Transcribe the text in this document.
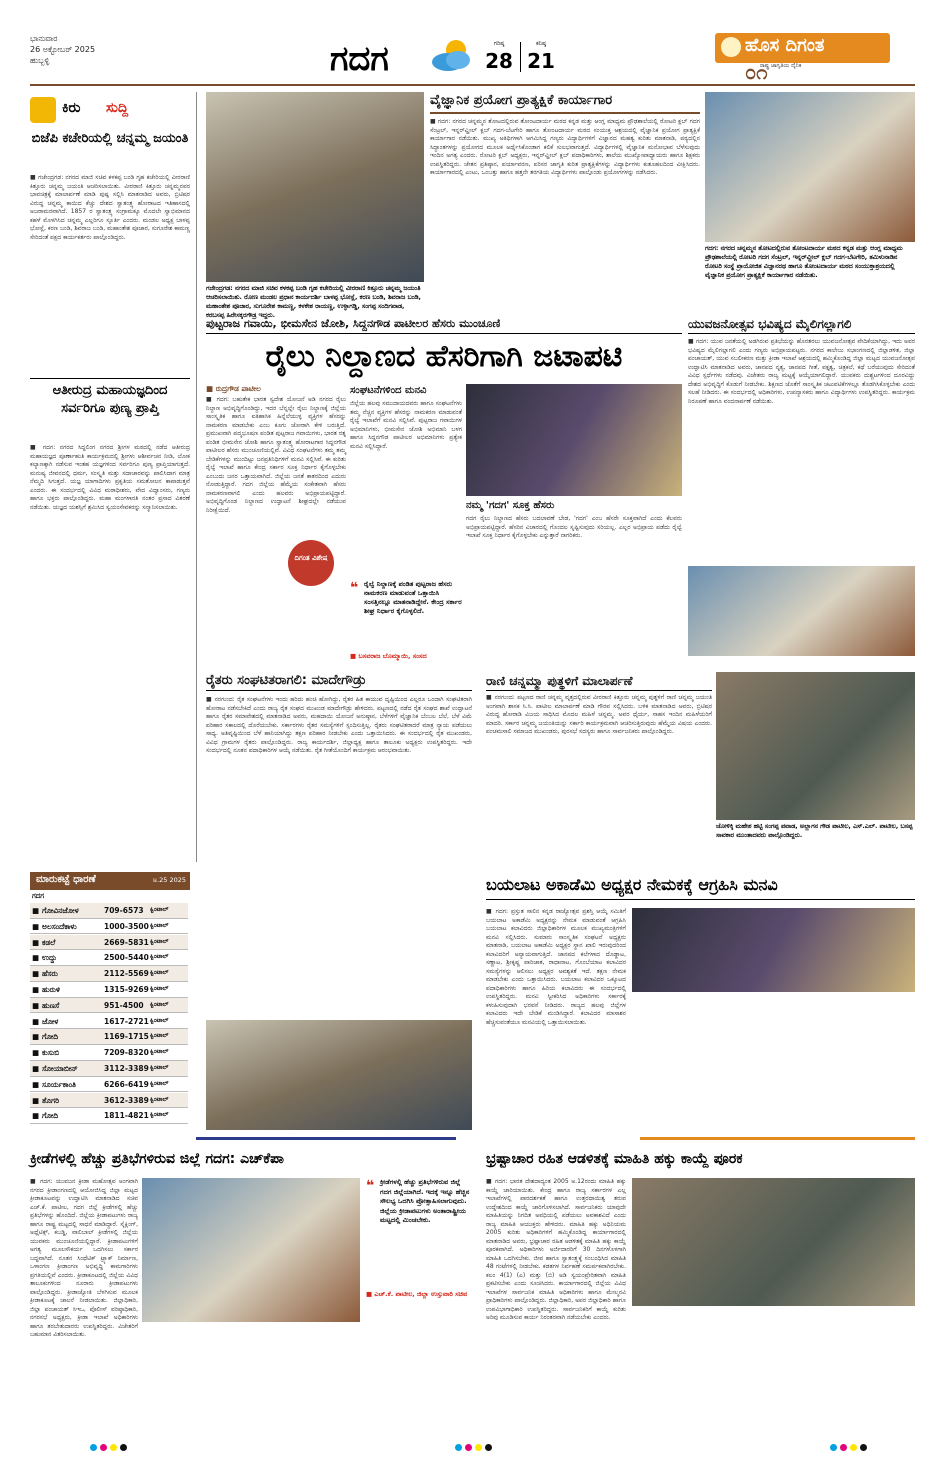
ಭಾನುವಾರ
26 ಅಕ್ಟೋಬರ್ 2025
ಹುಬ್ಬಳ್ಳಿ	ಗದಗ	ಗರಿಷ್ಠ
28
ಕನಿಷ್ಠ
21
ಹೊಸ ದಿಗಂತ
ರಾಷ್ಟ್ರ ಜಾಗೃತಿಯ ದೈನಿಕ
೦೧
ಕಿರು ಸುದ್ದಿ
ಬಿಜೆಪಿ ಕಚೇರಿಯಲ್ಲಿ ಚನ್ನಮ್ಮ ಜಯಂತಿ
■ ಗಜೇಂದ್ರಗಡ: ನಗರದ ಮಾಜಿ ಸಚಿವ ಕಳಕಪ್ಪ ಬಂಡಿ ಗೃಹ ಕಚೇರಿಯಲ್ಲಿ ವೀರರಾಣಿ ಕಿತ್ತೂರು ಚನ್ನಮ್ಮ ಜಯಂತಿ ಆಚರಿಸಲಾಯಿತು. ವೀರರಾಣಿ ಕಿತ್ತೂರು ಚನ್ನಮ್ಮನವರ ಭಾವಚಿತ್ರಕ್ಕೆ ಮಾಲಾರ್ಪಣೆ ಮಾಡಿ ಪುಷ್ಪ ಸಲ್ಲಿಸಿ ಮಾತನಾಡಿದ ಅವರು, ಬ್ರಿಟಿಷರ ವಿರುದ್ಧ ಚನ್ನಮ್ಮ ಕಾಯಿದ ಕೆಚ್ಚು ದೇಶದ ಸ್ವಾತಂತ್ರ್ಯ ಹೋರಾಟದ ಇತಿಹಾಸದಲ್ಲಿ ಅಜರಾಮರವಾಗಿದೆ. 1857 ರ ಸ್ವಾತಂತ್ರ್ಯ ಸಂಗ್ರಾಮಕ್ಕೂ ಮೊದಲೇ ಸ್ವಾಭಿಮಾನದ ಕಹಳೆ ಮೊಳಗಿಸಿದ ಚನ್ನಮ್ಮ ಎಲ್ಲರಿಗೂ ಸ್ಫೂರ್ತಿ ಎಂದರು. ಮಂಡಲ ಅಧ್ಯಕ್ಷ ಬಾಳಪ್ಪ ಭೋಸ್ಲೆ, ಕರಣ ಬಂಡಿ, ಶಿವರಾಜ ಬಂಡಿ, ಮಹಾಂತೇಶ ಪೂಜಾರ, ಸುಗೂರೇಶ ಕಾಮಣ್ಣ ಸೇರಿದಂತೆ ಪಕ್ಷದ ಕಾರ್ಯಕರ್ತರು ಪಾಲ್ಗೊಂಡಿದ್ದರು.
ಆತೀರುದ್ರ ಮಹಾಯಜ್ಞದಿಂದ ಸರ್ವರಿಗೂ ಪುಣ್ಯ ಪ್ರಾಪ್ತಿ
■ ಗದಗ: ನಗರದ ಸಿದ್ಧಲಿಂಗ ನಗರದ ಶ್ರೀಗಳ ಮಠದಲ್ಲಿ ನಡೆದ ಆತೀರುದ್ರ ಮಹಾಯಜ್ಞದ ಪೂರ್ಣಾಹುತಿ ಕಾರ್ಯಕ್ರಮದಲ್ಲಿ ಶ್ರೀಗಳು ಆಶೀರ್ವಚನ ನೀಡಿ, ಲೋಕ ಕಲ್ಯಾಣಕ್ಕಾಗಿ ನಡೆಸುವ ಇಂತಹ ಯಜ್ಞಗಳಿಂದ ಸರ್ವರಿಗೂ ಪುಣ್ಯ ಪ್ರಾಪ್ತಿಯಾಗುತ್ತದೆ. ಮನುಷ್ಯ ಜೀವನದಲ್ಲಿ ಧರ್ಮ, ಸಂಸ್ಕೃತಿ ಮತ್ತು ಸದಾಚಾರವನ್ನು ಪಾಲಿಸಿದಾಗ ಮಾತ್ರ ನೆಮ್ಮದಿ ಸಿಗುತ್ತದೆ. ಯಜ್ಞ ಯಾಗಾದಿಗಳು ಪ್ರಕೃತಿಯ ಸಮತೋಲನ ಕಾಪಾಡುತ್ತವೆ ಎಂದರು. ಈ ಸಂದರ್ಭದಲ್ಲಿ ವಿವಿಧ ಮಠಾಧೀಶರು, ವೇದ ವಿದ್ವಾಂಸರು, ಗಣ್ಯರು ಹಾಗೂ ಭಕ್ತರು ಪಾಲ್ಗೊಂಡಿದ್ದರು. ಮಹಾ ಮಂಗಳಾರತಿ ನಂತರ ಪ್ರಸಾದ ವಿತರಣೆ ನಡೆಯಿತು. ಯಜ್ಞದ ಯಶಸ್ಸಿಗೆ ಶ್ರಮಿಸಿದ ಸ್ವಯಂಸೇವಕರನ್ನು ಸನ್ಮಾನಿಸಲಾಯಿತು.
ಗಜೇಂದ್ರಗಡ: ನಗರದ ಮಾಜಿ ಸಚಿವ ಕಳಕಪ್ಪ ಬಂಡಿ ಗೃಹ ಕಚೇರಿಯಲ್ಲಿ ವೀರರಾಣಿ ಕಿತ್ತೂರು ಚನ್ನಮ್ಮ ಜಯಂತಿ ಆಚರಿಸಲಾಯಿತು. ರೋಣ ಮಂಡಲ ಪ್ರಧಾನ ಕಾರ್ಯದರ್ಶಿ ಬಾಳಪ್ಪ ಭೋಸ್ಲೆ, ಕರಣ ಬಂಡಿ, ಶಿವರಾಜ ಬಂಡಿ, ಮಹಾಂತೇಶ ಪೂಜಾರ, ಸುಗೂರೇಶ ಕಾಮಣ್ಣ, ಕಳಕೇಶ ರಾಯಣ್ಣ, ಉಳ್ಳಾಗಡ್ಡಿ, ಸಂಗಪ್ಪ ಸಂದಿಗವಾಡ, ಕರಬಸಪ್ಪ ಹಿರೇಸಕ್ಕರಗೌಡ್ರ ಇದ್ದರು.
ವೈಜ್ಞಾನಿಕ ಪ್ರಯೋಗ ಪ್ರಾತ್ಯಕ್ಷಿಕೆ ಕಾರ್ಯಾಗಾರ
■ ಗದಗ: ನಗರದ ಚನ್ನಮ್ಮನ ತೋಟದಲ್ಲಿರುವ ತೋಂಟದಾರ್ಯ ಮಠದ ಕನ್ನಡ ಮತ್ತು ಆಂಗ್ಲ ಮಾಧ್ಯಮ ಪ್ರೌಢಶಾಲೆಯಲ್ಲಿ ರೋಟರಿ ಕ್ಲಬ್ ಗದಗ ಸೆಂಟ್ರಲ್, ಇನ್ನರ್‌ವ್ಹೀಲ್ ಕ್ಲಬ್ ಗದಗ-ಬೆಟಗೇರಿ ಹಾಗೂ ತೋಂಟದಾರ್ಯ ಮಠದ ಸಂಯುಕ್ತ ಆಶ್ರಯದಲ್ಲಿ ವೈಜ್ಞಾನಿಕ ಪ್ರಯೋಗ ಪ್ರಾತ್ಯಕ್ಷಿಕೆ ಕಾರ್ಯಾಗಾರ ನಡೆಯಿತು. ಮುಖ್ಯ ಅತಿಥಿಗಳಾಗಿ ಆಗಮಿಸಿದ್ದ ಗಣ್ಯರು ವಿದ್ಯಾರ್ಥಿಗಳಿಗೆ ವಿಜ್ಞಾನದ ಮಹತ್ವ ಕುರಿತು ಮಾತನಾಡಿ, ಪಠ್ಯದಲ್ಲಿನ ಸಿದ್ಧಾಂತಗಳನ್ನು ಪ್ರಯೋಗದ ಮೂಲಕ ಅರ್ಥೈಸಿಕೊಂಡಾಗ ಕಲಿಕೆ ಸುಲಭವಾಗುತ್ತದೆ. ವಿದ್ಯಾರ್ಥಿಗಳಲ್ಲಿ ವೈಜ್ಞಾನಿಕ ಮನೋಭಾವ ಬೆಳೆಸುವುದು ಇಂದಿನ ಅಗತ್ಯ ಎಂದರು. ರೋಟರಿ ಕ್ಲಬ್ ಅಧ್ಯಕ್ಷರು, ಇನ್ನರ್‌ವ್ಹೀಲ್ ಕ್ಲಬ್ ಪದಾಧಿಕಾರಿಗಳು, ಶಾಲೆಯ ಮುಖ್ಯೋಪಾಧ್ಯಾಯರು ಹಾಗೂ ಶಿಕ್ಷಕರು ಉಪಸ್ಥಿತರಿದ್ದರು. ಚೇತನ ಪ್ರತಿಷ್ಠಾನ, ಪರ್ಯಾವರಣ, ಪರಿಸರ ಜಾಗೃತಿ ಕುರಿತ ಪ್ರಾತ್ಯಕ್ಷಿಕೆಗಳನ್ನು ವಿದ್ಯಾರ್ಥಿಗಳು ಕುತೂಹಲದಿಂದ ವೀಕ್ಷಿಸಿದರು. ಕಾರ್ಯಾಗಾರದಲ್ಲಿ ಎಂಟು, ಒಂಬತ್ತು ಹಾಗೂ ಹತ್ತನೇ ತರಗತಿಯ ವಿದ್ಯಾರ್ಥಿಗಳು ಪಾಲ್ಗೊಂಡು ಪ್ರಯೋಗಗಳನ್ನು ನಡೆಸಿದರು.
ಗದಗ: ನಗರದ ಚನ್ನಮ್ಮನ ತೋಟದಲ್ಲಿರುವ ತೋಂಟದಾರ್ಯ ಮಠದ ಕನ್ನಡ ಮತ್ತು ಆಂಗ್ಲ ಮಾಧ್ಯಮ ಪ್ರೌಢಶಾಲೆಯಲ್ಲಿ ರೋಟರಿ ಗದಗ ಸೆಂಟ್ರಲ್, ಇನ್ನರ್‌ವ್ಹೀಲ್ ಕ್ಲಬ್ ಗದಗ-ಬೆಟಗೇರಿ, ತಮಿಳುನಾಡಿನ ರೋಟರಿ ಸಂಸ್ಥೆ ಪ್ರಾಯೋಜಿತ ವಿಜ್ಞಾನರಥ ಹಾಗೂ ತೋಂಟದಾರ್ಯ ಮಠದ ಸಂಯುಕ್ತಾಶ್ರಯದಲ್ಲಿ ವೈಜ್ಞಾನಿಕ ಪ್ರಯೋಗ ಪ್ರಾತ್ಯಕ್ಷಿಕೆ ಕಾರ್ಯಾಗಾರ ನಡೆಯಿತು.
ಪುಟ್ಟರಾಜ ಗವಾಯಿ, ಭೀಮಸೇನ ಜೋಶಿ, ಸಿದ್ದನಗೌಡ ಪಾಟೀಲರ ಹೆಸರು ಮುಂಚೂಣಿ
ರೈಲು ನಿಲ್ದಾಣದ ಹೆಸರಿಗಾಗಿ ಜಟಾಪಟಿ
■ ರುದ್ರಗೌಡ ಪಾಟೀಲ
■ ಗದಗ: ಬಹುತೇಕ ಭಾರತ ಸ್ವದೇಶ ಯೋಜನೆ ಅಡಿ ನಗರದ ರೈಲು ನಿಲ್ದಾಣ ಅಭಿವೃದ್ಧಿಗೊಂಡಿದ್ದು, ಇದರ ಬೆನ್ನಲ್ಲೇ ರೈಲು ನಿಲ್ದಾಣಕ್ಕೆ ಜಿಲ್ಲೆಯ ಸಾಂಸ್ಕೃತಿಕ ಹಾಗೂ ಐತಿಹಾಸಿಕ ಹಿನ್ನೆಲೆಯುಳ್ಳ ವ್ಯಕ್ತಿಗಳ ಹೆಸರನ್ನು ನಾಮಕರಣ ಮಾಡಬೇಕು ಎಂಬ ಕೂಗು ಜೋರಾಗಿ ಕೇಳಿ ಬರುತ್ತಿದೆ. ಪ್ರಮುಖವಾಗಿ ಪದ್ಮಭೂಷಣ ಪಂಡಿತ ಪುಟ್ಟರಾಜ ಗವಾಯಿಗಳು, ಭಾರತ ರತ್ನ ಪಂಡಿತ ಭೀಮಸೇನ ಜೋಶಿ ಹಾಗೂ ಸ್ವಾತಂತ್ರ್ಯ ಹೋರಾಟಗಾರ ಸಿದ್ದನಗೌಡ ಪಾಟೀಲರ ಹೆಸರು ಮುಂಚೂಣಿಯಲ್ಲಿವೆ. ವಿವಿಧ ಸಂಘಟನೆಗಳು ತಮ್ಮ ತಮ್ಮ ಬೇಡಿಕೆಗಳನ್ನು ಮುಂದಿಟ್ಟು ಜನಪ್ರತಿನಿಧಿಗಳಿಗೆ ಮನವಿ ಸಲ್ಲಿಸಿವೆ. ಈ ಕುರಿತು ರೈಲ್ವೆ ಇಲಾಖೆ ಹಾಗೂ ಕೇಂದ್ರ ಸರ್ಕಾರ ಸೂಕ್ತ ನಿರ್ಧಾರ ಕೈಗೊಳ್ಳಬೇಕು ಎಂಬುದು ಜನರ ಒತ್ತಾಯವಾಗಿದೆ. ಜಿಲ್ಲೆಯ ಜನತೆ ಕಾತರದಿಂದ ಎದುರು ನೋಡುತ್ತಿದ್ದಾರೆ. ಗದಗ ಜಿಲ್ಲೆಯ ಹೆಮ್ಮೆಯ ಸಂಕೇತವಾಗಿ ಹೆಸರು ನಾಮಕರಣವಾಗಲಿ ಎಂದು ಹಲವರು ಅಭಿಪ್ರಾಯಪಟ್ಟಿದ್ದಾರೆ. ಅಭಿವೃದ್ಧಿಗೊಂಡ ನಿಲ್ದಾಣದ ಉದ್ಘಾಟನೆ ಶೀಘ್ರದಲ್ಲೇ ನಡೆಯುವ ನಿರೀಕ್ಷೆಯಿದೆ.
ಸಂಘಟನೆಗಳಿಂದ ಮನವಿ
ಜಿಲ್ಲೆಯ ಹಲವು ಸಮುದಾಯದವರು ಹಾಗೂ ಸಂಘಟನೆಗಳು ತಮ್ಮ ನೆಚ್ಚಿನ ವ್ಯಕ್ತಿಗಳ ಹೆಸರನ್ನು ನಾಮಕರಣ ಮಾಡುವಂತೆ ರೈಲ್ವೆ ಇಲಾಖೆಗೆ ಮನವಿ ಸಲ್ಲಿಸಿವೆ. ಪುಟ್ಟರಾಜ ಗವಾಯಿಗಳ ಅಭಿಮಾನಿಗಳು, ಭೀಮಸೇನ ಜೋಶಿ ಅಭಿಮಾನಿ ಬಳಗ ಹಾಗೂ ಸಿದ್ದನಗೌಡ ಪಾಟೀಲರ ಅಭಿಮಾನಿಗಳು ಪ್ರತ್ಯೇಕ ಮನವಿ ಸಲ್ಲಿಸಿದ್ದಾರೆ.
ದಿಗಂತ ವಿಶೇಷ
❝ ರೈಲ್ವೆ ನಿಲ್ದಾಣಕ್ಕೆ ಪಂಡಿತ ಪುಟ್ಟರಾಜ ಹೆಸರು ನಾಮಕರಣ ಮಾಡುವಂತೆ ಒತ್ತಾಯಿಸಿ ಸಂಸತ್ತಿನಲ್ಲೂ ಮಾತನಾಡಿದ್ದೇನೆ. ಕೇಂದ್ರ ಸರ್ಕಾರ ಶೀಘ್ರ ನಿರ್ಧಾರ ಕೈಗೊಳ್ಳಲಿದೆ.
■ ಬಸವರಾಜ ಬೊಮ್ಮಾಯಿ, ಸಂಸದ
ನಮ್ಮ 'ಗದಗ' ಸೂಕ್ತ ಹೆಸರು
ಗದಗ ರೈಲು ನಿಲ್ದಾಣದ ಹೆಸರು ಬದಲಾವಣೆ ಬೇಡ, 'ಗದಗ' ಎಂಬ ಹೆಸರೇ ಸೂಕ್ತವಾಗಿದೆ ಎಂದು ಕೆಲವರು ಅಭಿಪ್ರಾಯಪಟ್ಟಿದ್ದಾರೆ. ಹೆಸರಿನ ವಿಚಾರದಲ್ಲಿ ಗೊಂದಲ ಸೃಷ್ಟಿಸುವುದು ಸರಿಯಲ್ಲ. ಎಲ್ಲರ ಅಭಿಪ್ರಾಯ ಪಡೆದು ರೈಲ್ವೆ ಇಲಾಖೆ ಸೂಕ್ತ ನಿರ್ಧಾರ ಕೈಗೊಳ್ಳಬೇಕು ಎನ್ನುತ್ತಾರೆ ನಾಗರಿಕರು.
ಯುವಜನೋತ್ಸವ ಭವಿಷ್ಯದ ಮೈಲಿಗಲ್ಲಾಗಲಿ
■ ಗದಗ: ಯುವ ಜನತೆಯಲ್ಲಿ ಅಡಗಿರುವ ಪ್ರತಿಭೆಯನ್ನು ಹೊರತರಲು ಯುವಜನೋತ್ಸವ ವೇದಿಕೆಯಾಗಿದ್ದು, ಇದು ಅವರ ಭವಿಷ್ಯದ ಮೈಲಿಗಲ್ಲಾಗಲಿ ಎಂದು ಗಣ್ಯರು ಅಭಿಪ್ರಾಯಪಟ್ಟರು. ನಗರದ ಕಾಲೇಜು ಸಭಾಂಗಣದಲ್ಲಿ ಜಿಲ್ಲಾಡಳಿತ, ಜಿಲ್ಲಾ ಪಂಚಾಯತ್, ಯುವ ಸಬಲೀಕರಣ ಮತ್ತು ಕ್ರೀಡಾ ಇಲಾಖೆ ಆಶ್ರಯದಲ್ಲಿ ಹಮ್ಮಿಕೊಂಡಿದ್ದ ಜಿಲ್ಲಾ ಮಟ್ಟದ ಯುವಜನೋತ್ಸವ ಉದ್ಘಾಟಿಸಿ ಮಾತನಾಡಿದ ಅವರು, ಜಾನಪದ ನೃತ್ಯ, ಜಾನಪದ ಗೀತೆ, ವಕ್ತೃತ್ವ, ಚಿತ್ರಕಲೆ, ಕಥೆ ಬರೆಯುವುದು ಸೇರಿದಂತೆ ವಿವಿಧ ಸ್ಪರ್ಧೆಗಳು ನಡೆದವು. ವಿಜೇತರು ರಾಜ್ಯ ಮಟ್ಟಕ್ಕೆ ಆಯ್ಕೆಯಾಗಲಿದ್ದಾರೆ. ಯುವಕರು ದುಶ್ಚಟಗಳಿಂದ ದೂರವಿದ್ದು ದೇಶದ ಅಭಿವೃದ್ಧಿಗೆ ಕೊಡುಗೆ ನೀಡಬೇಕು. ಶಿಕ್ಷಣದ ಜೊತೆಗೆ ಸಾಂಸ್ಕೃತಿಕ ಚಟುವಟಿಕೆಗಳಲ್ಲೂ ತೊಡಗಿಸಿಕೊಳ್ಳಬೇಕು ಎಂದು ಸಲಹೆ ನೀಡಿದರು. ಈ ಸಂದರ್ಭದಲ್ಲಿ ಅಧಿಕಾರಿಗಳು, ಉಪನ್ಯಾಸಕರು ಹಾಗೂ ವಿದ್ಯಾರ್ಥಿಗಳು ಉಪಸ್ಥಿತರಿದ್ದರು. ಕಾರ್ಯಕ್ರಮ ನಿರೂಪಣೆ ಹಾಗೂ ವಂದನಾರ್ಪಣೆ ನಡೆಯಿತು.
ರೈತರು ಸಂಘಟಿತರಾಗಲಿ: ಮಾದೇಗೌಡ್ರು
■ ನರಗುಂದ: ರೈತ ಸಂಘಟನೆಗಳು ಇಂದು ಹರಿದು ಹಂಚಿ ಹೋಗಿದ್ದು, ರೈತರ ಹಿತ ಕಾಯುವ ದೃಷ್ಟಿಯಿಂದ ಎಲ್ಲರೂ ಒಂದಾಗಿ ಸಂಘಟಿತರಾಗಿ ಹೋರಾಟ ನಡೆಸಬೇಕಿದೆ ಎಂದು ರಾಜ್ಯ ರೈತ ಸಂಘದ ಮುಖಂಡ ಮಾದೇಗೌಡ್ರು ಹೇಳಿದರು. ಪಟ್ಟಣದಲ್ಲಿ ನಡೆದ ರೈತ ಸಂಘದ ಶಾಖೆ ಉದ್ಘಾಟನೆ ಹಾಗೂ ರೈತರ ಸಮಾವೇಶದಲ್ಲಿ ಮಾತನಾಡಿದ ಅವರು, ಮಹದಾಯಿ ಯೋಜನೆ ಅನುಷ್ಠಾನ, ಬೆಳೆಗಳಿಗೆ ವೈಜ್ಞಾನಿಕ ಬೆಂಬಲ ಬೆಲೆ, ಬೆಳೆ ವಿಮೆ ಪರಿಹಾರ ಸಕಾಲದಲ್ಲಿ ದೊರೆಯಬೇಕು. ಸರ್ಕಾರಗಳು ರೈತರ ಸಮಸ್ಯೆಗಳಿಗೆ ಸ್ಪಂದಿಸುತ್ತಿಲ್ಲ. ರೈತರು ಸಂಘಟಿತರಾದರೆ ಮಾತ್ರ ನ್ಯಾಯ ಪಡೆಯಲು ಸಾಧ್ಯ. ಅತಿವೃಷ್ಟಿಯಿಂದ ಬೆಳೆ ಹಾನಿಯಾಗಿದ್ದು ತಕ್ಷಣ ಪರಿಹಾರ ನೀಡಬೇಕು ಎಂದು ಒತ್ತಾಯಿಸಿದರು. ಈ ಸಂದರ್ಭದಲ್ಲಿ ರೈತ ಮುಖಂಡರು, ವಿವಿಧ ಗ್ರಾಮಗಳ ರೈತರು ಪಾಲ್ಗೊಂಡಿದ್ದರು. ರಾಜ್ಯ ಕಾರ್ಯದರ್ಶಿ, ಜಿಲ್ಲಾಧ್ಯಕ್ಷ ಹಾಗೂ ತಾಲೂಕು ಅಧ್ಯಕ್ಷರು ಉಪಸ್ಥಿತರಿದ್ದರು. ಇದೇ ಸಂದರ್ಭದಲ್ಲಿ ನೂತನ ಪದಾಧಿಕಾರಿಗಳ ಆಯ್ಕೆ ನಡೆಯಿತು. ರೈತ ಗೀತೆಯೊಂದಿಗೆ ಕಾರ್ಯಕ್ರಮ ಆರಂಭವಾಯಿತು.
ಮಾರುಕಟ್ಟೆ ಧಾರಣೆ	ಅ.25 2025
ಗದಗ
■ ಗೋವಿನಜೋಳ	709-6573 ಕ್ವಿಂಟಾಲ್
■ ಅಲಸಂದೆಕಾಳು	1000-3500 ಕ್ವಿಂಟಾಲ್
■ ಕಡಲೆ	2669-5831 ಕ್ವಿಂಟಾಲ್
■ ಉದ್ದು	2500-5440 ಕ್ವಿಂಟಾಲ್
■ ಹೆಸರು	2112-5569 ಕ್ವಿಂಟಾಲ್
■ ಹುರುಳಿ	1315-9269 ಕ್ವಿಂಟಾಲ್
■ ಹುಣಸೆ	951-4500 ಕ್ವಿಂಟಾಲ್
■ ಜೋಳ	1617-2721 ಕ್ವಿಂಟಾಲ್
■ ಗೋದಿ	1169-1715 ಕ್ವಿಂಟಾಲ್
■ ಕುಸುಬಿ	7209-8320 ಕ್ವಿಂಟಾಲ್
■ ಸೋಯಾಬೀನ್	3112-3389 ಕ್ವಿಂಟಾಲ್
■ ಸೂರ್ಯಕಾಂತಿ	6266-6419 ಕ್ವಿಂಟಾಲ್
■ ತೊಗರಿ	3612-3389 ಕ್ವಿಂಟಾಲ್
■ ಗೋದಿ	1811-4821 ಕ್ವಿಂಟಾಲ್
ರಾಣಿ ಚನ್ನಮ್ಮಾ ಪುತ್ಥಳಿಗೆ ಮಾಲಾರ್ಪಣೆ
■ ನರಗುಂದ: ಪಟ್ಟಣದ ರಾಣಿ ಚನ್ನಮ್ಮ ವೃತ್ತದಲ್ಲಿರುವ ವೀರರಾಣಿ ಕಿತ್ತೂರು ಚನ್ನಮ್ಮ ಪುತ್ಥಳಿಗೆ ರಾಣಿ ಚನ್ನಮ್ಮ ಜಯಂತಿ ಅಂಗವಾಗಿ ಶಾಸಕ ಸಿ.ಸಿ. ಪಾಟೀಲ ಮಾಲಾರ್ಪಣೆ ಮಾಡಿ ಗೌರವ ಸಲ್ಲಿಸಿದರು. ಬಳಿಕ ಮಾತನಾಡಿದ ಅವರು, ಬ್ರಿಟಿಷರ ವಿರುದ್ಧ ಹೋರಾಡಿ ವಿಜಯ ಸಾಧಿಸಿದ ಮೊದಲ ಮಹಿಳೆ ಚನ್ನಮ್ಮ. ಅವರ ಧೈರ್ಯ, ಸಾಹಸ ಇಂದಿನ ಮಹಿಳೆಯರಿಗೆ ಮಾದರಿ. ಸರ್ಕಾರ ಚನ್ನಮ್ಮ ಜಯಂತಿಯನ್ನು ಸರ್ಕಾರಿ ಕಾರ್ಯಕ್ರಮವಾಗಿ ಆಚರಿಸುತ್ತಿರುವುದು ಹೆಮ್ಮೆಯ ವಿಷಯ ಎಂದರು. ಪಂಚಮಸಾಲಿ ಸಮಾಜದ ಮುಖಂಡರು, ಪುರಸಭೆ ಸದಸ್ಯರು ಹಾಗೂ ಸಾರ್ವಜನಿಕರು ಪಾಲ್ಗೊಂಡಿದ್ದರು.
ಚೋಳಿಕ್ಕಿ ಮಹೇಶ ಹಟ್ಟಿ ಸಂಗಪ್ಪ ಪವಾಡ, ಅಲ್ಲಾಗನ ಗೌಡ ಪಾಟೀಲ, ಎಸ್.ಎಲ್. ಪಾಟೀಲ, ಬಸಪ್ಪ ಸಾವಕಾರ ಮುಂತಾದವರು ಪಾಲ್ಗೊಂಡಿದ್ದರು.
ಬಯಲಾಟ ಅಕಾಡೆಮಿ ಅಧ್ಯಕ್ಷರ ನೇಮಕಕ್ಕೆ ಆಗ್ರಹಿಸಿ ಮನವಿ
■ ಗದಗ: ಪ್ರಸ್ತುತ ಸಾಲಿನ ಕನ್ನಡ ರಾಜ್ಯೋತ್ಸವ ಪ್ರಶಸ್ತಿ ಆಯ್ಕೆ ಸಮಿತಿಗೆ ಬಯಲಾಟ ಅಕಾಡೆಮಿ ಅಧ್ಯಕ್ಷರನ್ನು ನೇಮಕ ಮಾಡುವಂತೆ ಆಗ್ರಹಿಸಿ ಬಯಲಾಟ ಕಲಾವಿದರು ಜಿಲ್ಲಾಧಿಕಾರಿಗಳ ಮೂಲಕ ಮುಖ್ಯಮಂತ್ರಿಗಳಿಗೆ ಮನವಿ ಸಲ್ಲಿಸಿದರು. ಸುಮಾರು ಸಾಂಸ್ಕೃತಿಕ ಸಂಘಟನೆ ಅಧ್ಯಕ್ಷರು ಮಾತನಾಡಿ, ಬಯಲಾಟ ಅಕಾಡೆಮಿ ಅಧ್ಯಕ್ಷರ ಸ್ಥಾನ ಖಾಲಿ ಇರುವುದರಿಂದ ಕಲಾವಿದರಿಗೆ ಅನ್ಯಾಯವಾಗುತ್ತಿದೆ. ಜಾನಪದ ಕಲೆಗಳಾದ ದೊಡ್ಡಾಟ, ಸಣ್ಣಾಟ, ಶ್ರೀಕೃಷ್ಣ ಪಾರಿಜಾತ, ರಾಧಾನಾಟ, ಗೊಂಬೆಯಾಟ ಕಲಾವಿದರ ಸಮಸ್ಯೆಗಳನ್ನು ಆಲಿಸಲು ಅಧ್ಯಕ್ಷರ ಅವಶ್ಯಕತೆ ಇದೆ. ತಕ್ಷಣ ನೇಮಕ ಮಾಡಬೇಕು ಎಂದು ಒತ್ತಾಯಿಸಿದರು. ಬಯಲಾಟ ಕಲಾವಿದರ ಒಕ್ಕೂಟದ ಪದಾಧಿಕಾರಿಗಳು ಹಾಗೂ ಹಿರಿಯ ಕಲಾವಿದರು ಈ ಸಂದರ್ಭದಲ್ಲಿ ಉಪಸ್ಥಿತರಿದ್ದರು. ಮನವಿ ಸ್ವೀಕರಿಸಿದ ಅಧಿಕಾರಿಗಳು ಸರ್ಕಾರಕ್ಕೆ ಕಳುಹಿಸುವುದಾಗಿ ಭರವಸೆ ನೀಡಿದರು. ರಾಜ್ಯದ ಹಲವು ಜಿಲ್ಲೆಗಳ ಕಲಾವಿದರು ಇದೇ ಬೇಡಿಕೆ ಮಂಡಿಸಿದ್ದಾರೆ. ಕಲಾವಿದರ ಮಾಸಾಶನ ಹೆಚ್ಚಿಸುವಂತೆಯೂ ಮನವಿಯಲ್ಲಿ ಒತ್ತಾಯಿಸಲಾಯಿತು.
ಕ್ರೀಡೆಗಳಲ್ಲಿ ಹೆಚ್ಚು ಪ್ರತಿಭೆಗಳಿರುವ ಜಿಲ್ಲೆ ಗದಗ: ಎಚ್‌ಕೆಪಾ
■ ಗದಗ: ಯುವಜನ ಕ್ರೀಡಾ ಮಹೋತ್ಸವ ಅಂಗವಾಗಿ ನಗರದ ಕ್ರೀಡಾಂಗಣದಲ್ಲಿ ಆಯೋಜಿಸಿದ್ದ ಜಿಲ್ಲಾ ಮಟ್ಟದ ಕ್ರೀಡಾಕೂಟವನ್ನು ಉದ್ಘಾಟಿಸಿ ಮಾತನಾಡಿದ ಸಚಿವ ಎಚ್.ಕೆ. ಪಾಟೀಲ, ಗದಗ ಜಿಲ್ಲೆ ಕ್ರೀಡೆಗಳಲ್ಲಿ ಹೆಚ್ಚು ಪ್ರತಿಭೆಗಳನ್ನು ಹೊಂದಿದೆ. ಜಿಲ್ಲೆಯ ಕ್ರೀಡಾಪಟುಗಳು ರಾಜ್ಯ ಹಾಗೂ ರಾಷ್ಟ್ರ ಮಟ್ಟದಲ್ಲಿ ಸಾಧನೆ ಮಾಡಿದ್ದಾರೆ. ಸೈಕ್ಲಿಂಗ್, ಅಥ್ಲೆಟಿಕ್ಸ್, ಕಬಡ್ಡಿ, ವಾಲಿಬಾಲ್ ಕ್ರೀಡೆಗಳಲ್ಲಿ ಜಿಲ್ಲೆಯ ಯುವಕರು ಮುಂಚೂಣಿಯಲ್ಲಿದ್ದಾರೆ. ಕ್ರೀಡಾಪಟುಗಳಿಗೆ ಅಗತ್ಯ ಮೂಲಸೌಕರ್ಯ ಒದಗಿಸಲು ಸರ್ಕಾರ ಬದ್ಧವಾಗಿದೆ. ನೂತನ ಸಿಂಥೆಟಿಕ್ ಟ್ರ್ಯಾಕ್ ನಿರ್ಮಾಣ, ಒಳಾಂಗಣ ಕ್ರೀಡಾಂಗಣ ಅಭಿವೃದ್ಧಿ ಕಾಮಗಾರಿಗಳು ಪ್ರಗತಿಯಲ್ಲಿವೆ ಎಂದರು. ಕ್ರೀಡಾಕೂಟದಲ್ಲಿ ಜಿಲ್ಲೆಯ ವಿವಿಧ ತಾಲೂಕುಗಳಿಂದ ನೂರಾರು ಕ್ರೀಡಾಪಟುಗಳು ಪಾಲ್ಗೊಂಡಿದ್ದರು. ಕ್ರೀಡಾಜ್ಯೋತಿ ಬೆಳಗಿಸುವ ಮೂಲಕ ಕ್ರೀಡಾಕೂಟಕ್ಕೆ ಚಾಲನೆ ನೀಡಲಾಯಿತು. ಜಿಲ್ಲಾಧಿಕಾರಿ, ಜಿಲ್ಲಾ ಪಂಚಾಯತ್ ಸಿಇಒ, ಪೊಲೀಸ್ ವರಿಷ್ಠಾಧಿಕಾರಿ, ನಗರಸಭೆ ಅಧ್ಯಕ್ಷರು, ಕ್ರೀಡಾ ಇಲಾಖೆ ಅಧಿಕಾರಿಗಳು ಹಾಗೂ ತರಬೇತುದಾರರು ಉಪಸ್ಥಿತರಿದ್ದರು. ವಿಜೇತರಿಗೆ ಬಹುಮಾನ ವಿತರಿಸಲಾಯಿತು.
❝ ಕ್ರೀಡೆಗಳಲ್ಲಿ ಹೆಚ್ಚು ಪ್ರತಿಭೆಗಳಿರುವ ಜಿಲ್ಲೆ ಗದಗ ಜಿಲ್ಲೆಯಾಗಿದೆ. ಇದಕ್ಕೆ ಇನ್ನೂ ಹೆಚ್ಚಿನ ಸೌಲಭ್ಯ ಒದಗಿಸಿ ಪ್ರೋತ್ಸಾಹಿಸಲಾಗುವುದು. ಜಿಲ್ಲೆಯ ಕ್ರೀಡಾಪಟುಗಳು ಅಂತಾರಾಷ್ಟ್ರೀಯ ಮಟ್ಟದಲ್ಲಿ ಮಿಂಚಬೇಕು.
■ ಎಚ್.ಕೆ. ಪಾಟೀಲ, ಜಿಲ್ಲಾ ಉಸ್ತುವಾರಿ ಸಚಿವ
ಭ್ರಷ್ಟಾಚಾರ ರಹಿತ ಆಡಳಿತಕ್ಕೆ ಮಾಹಿತಿ ಹಕ್ಕು ಕಾಯ್ದೆ ಪೂರಕ
■ ಗದಗ: ಭಾರತ ದೇಶದಾದ್ಯಂತ 2005 ಅ.12ರಂದು ಮಾಹಿತಿ ಹಕ್ಕು ಕಾಯ್ದೆ ಜಾರಿಯಾಯಿತು. ಕೇಂದ್ರ ಹಾಗೂ ರಾಜ್ಯ ಸರ್ಕಾರಗಳ ಎಲ್ಲ ಇಲಾಖೆಗಳಲ್ಲಿ ಪಾರದರ್ಶಕತೆ ಹಾಗೂ ಉತ್ತರದಾಯಿತ್ವ ತರುವ ಉದ್ದೇಶದಿಂದ ಕಾಯ್ದೆ ಜಾರಿಗೊಳಿಸಲಾಗಿದೆ. ಸಾರ್ವಜನಿಕರು ಯಾವುದೇ ಮಾಹಿತಿಯನ್ನು ನಿಗದಿತ ಅವಧಿಯಲ್ಲಿ ಪಡೆಯಲು ಅವಕಾಶವಿದೆ ಎಂದು ರಾಜ್ಯ ಮಾಹಿತಿ ಆಯುಕ್ತರು ಹೇಳಿದರು. ಮಾಹಿತಿ ಹಕ್ಕು ಅಧಿನಿಯಮ 2005 ಕುರಿತು ಅಧಿಕಾರಿಗಳಿಗೆ ಹಮ್ಮಿಕೊಂಡಿದ್ದ ಕಾರ್ಯಾಗಾರದಲ್ಲಿ ಮಾತನಾಡಿದ ಅವರು, ಭ್ರಷ್ಟಾಚಾರ ರಹಿತ ಆಡಳಿತಕ್ಕೆ ಮಾಹಿತಿ ಹಕ್ಕು ಕಾಯ್ದೆ ಪೂರಕವಾಗಿದೆ. ಅಧಿಕಾರಿಗಳು ಅರ್ಜಿದಾರರಿಗೆ 30 ದಿನಗಳೊಳಗಾಗಿ ಮಾಹಿತಿ ಒದಗಿಸಬೇಕು. ಜೀವ ಹಾಗೂ ಸ್ವಾತಂತ್ರ್ಯಕ್ಕೆ ಸಂಬಂಧಿಸಿದ ಮಾಹಿತಿ 48 ಗಂಟೆಗಳಲ್ಲಿ ನೀಡಬೇಕು. ಕಡತಗಳ ನಿರ್ವಹಣೆ ಸಮರ್ಪಕವಾಗಿರಬೇಕು. ಕಲಂ 4(1) (ಎ) ಮತ್ತು (ಬಿ) ಅಡಿ ಸ್ವಯಂಪ್ರೇರಿತವಾಗಿ ಮಾಹಿತಿ ಪ್ರಕಟಿಸಬೇಕು ಎಂದು ಸೂಚಿಸಿದರು. ಕಾರ್ಯಾಗಾರದಲ್ಲಿ ಜಿಲ್ಲೆಯ ವಿವಿಧ ಇಲಾಖೆಗಳ ಸಾರ್ವಜನಿಕ ಮಾಹಿತಿ ಅಧಿಕಾರಿಗಳು ಹಾಗೂ ಮೇಲ್ಮನವಿ ಪ್ರಾಧಿಕಾರಿಗಳು ಪಾಲ್ಗೊಂಡಿದ್ದರು. ಜಿಲ್ಲಾಧಿಕಾರಿ, ಅಪರ ಜಿಲ್ಲಾಧಿಕಾರಿ ಹಾಗೂ ಉಪವಿಭಾಗಾಧಿಕಾರಿ ಉಪಸ್ಥಿತರಿದ್ದರು. ಸಾರ್ವಜನಿಕರಿಗೆ ಕಾಯ್ದೆ ಕುರಿತು ಅರಿವು ಮೂಡಿಸುವ ಕಾರ್ಯ ನಿರಂತರವಾಗಿ ನಡೆಯಬೇಕು ಎಂದರು.
